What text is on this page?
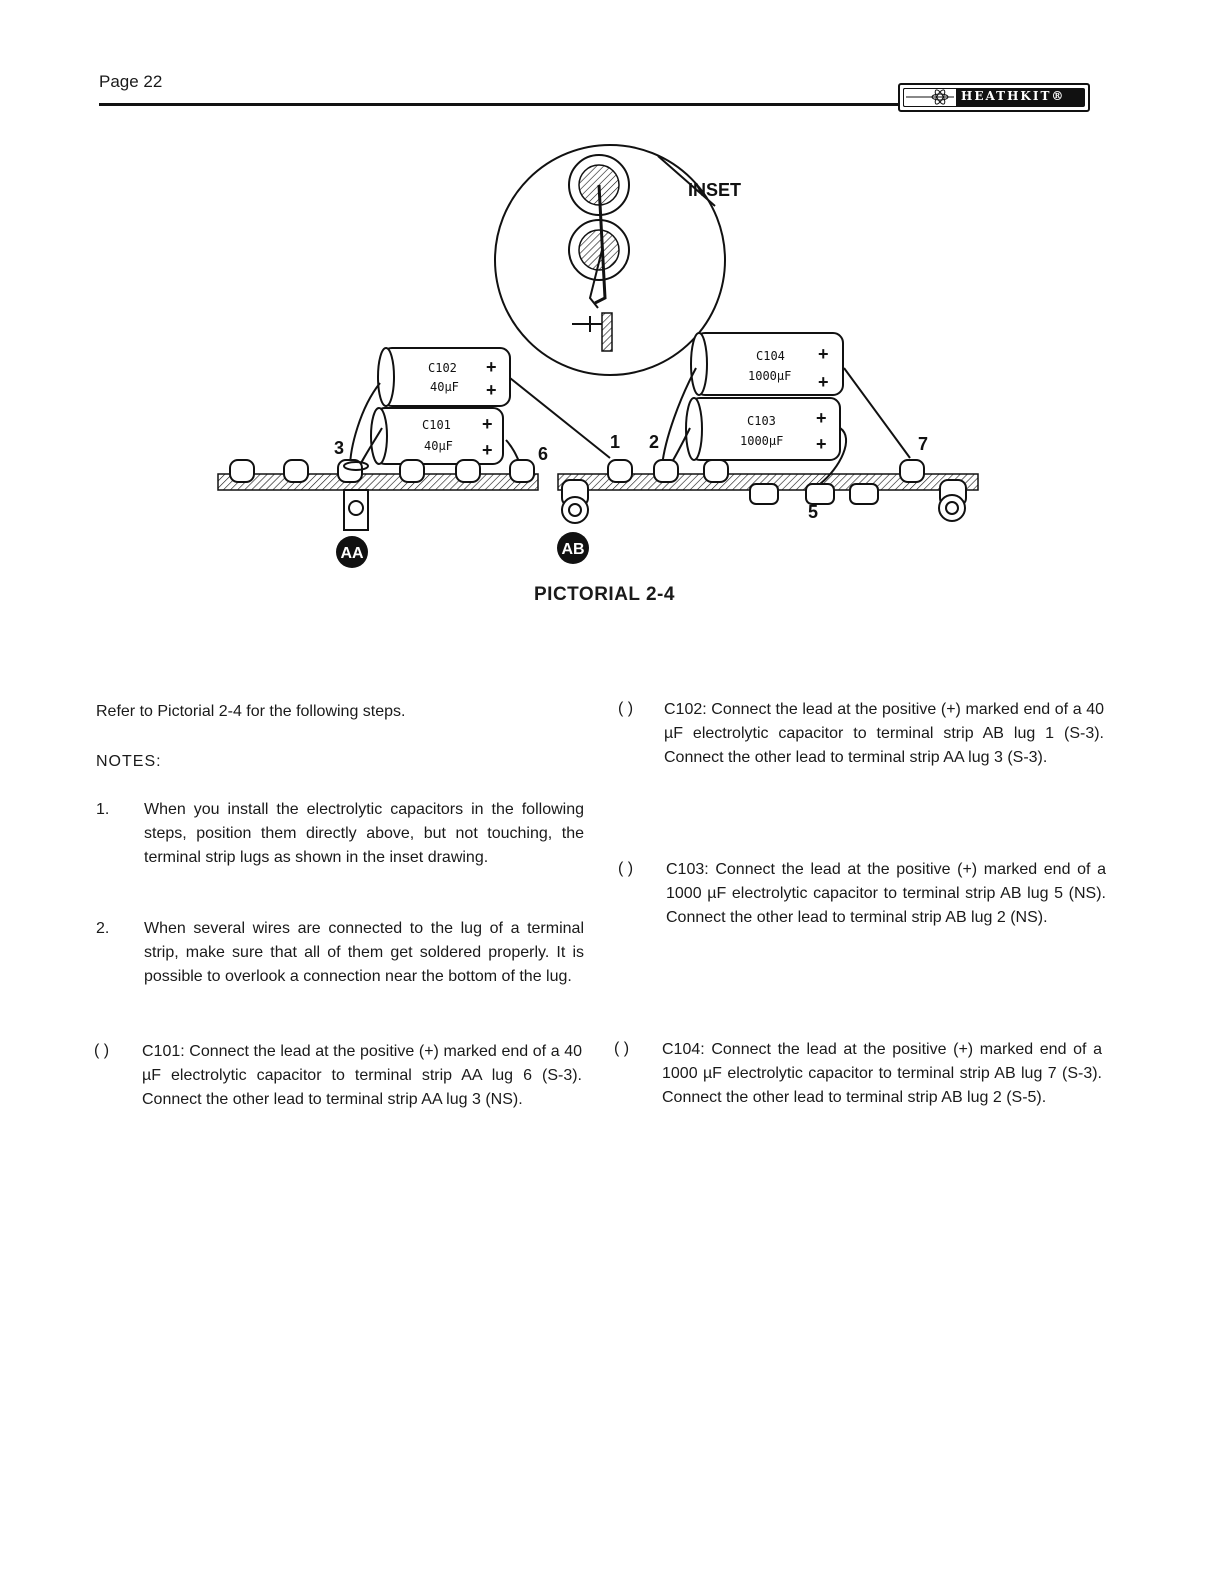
Page 22
HEATHKIT®
INSET
C102
40µF
+
+
C101
40µF
+
+
C104
1000µF
+
+
C103
1000µF
+
+
3	6
1 2	7
5
AA	AB
PICTORIAL 2-4
Refer to Pictorial 2-4 for the following steps.
NOTES:
1.	When you install the electrolytic capacitors in the following steps, position them directly above, but not touching, the terminal strip lugs as shown in the inset drawing.
2.	When several wires are connected to the lug of a terminal strip, make sure that all of them get soldered properly. It is possible to overlook a connection near the bottom of the lug.
( )	C101: Connect the lead at the positive (+) marked end of a 40 µF electrolytic capacitor to terminal strip AA lug 6 (S-3). Connect the other lead to terminal strip AA lug 3 (NS).
( )	C102: Connect the lead at the positive (+) marked end of a 40 µF electrolytic capacitor to terminal strip AB lug 1 (S-3). Connect the other lead to terminal strip AA lug 3 (S-3).
( )	C103: Connect the lead at the positive (+) marked end of a 1000 µF electrolytic capacitor to terminal strip AB lug 5 (NS). Connect the other lead to terminal strip AB lug 2 (NS).
( )	C104: Connect the lead at the positive (+) marked end of a 1000 µF electrolytic capacitor to terminal strip AB lug 7 (S-3). Connect the other lead to terminal strip AB lug 2 (S-5).
